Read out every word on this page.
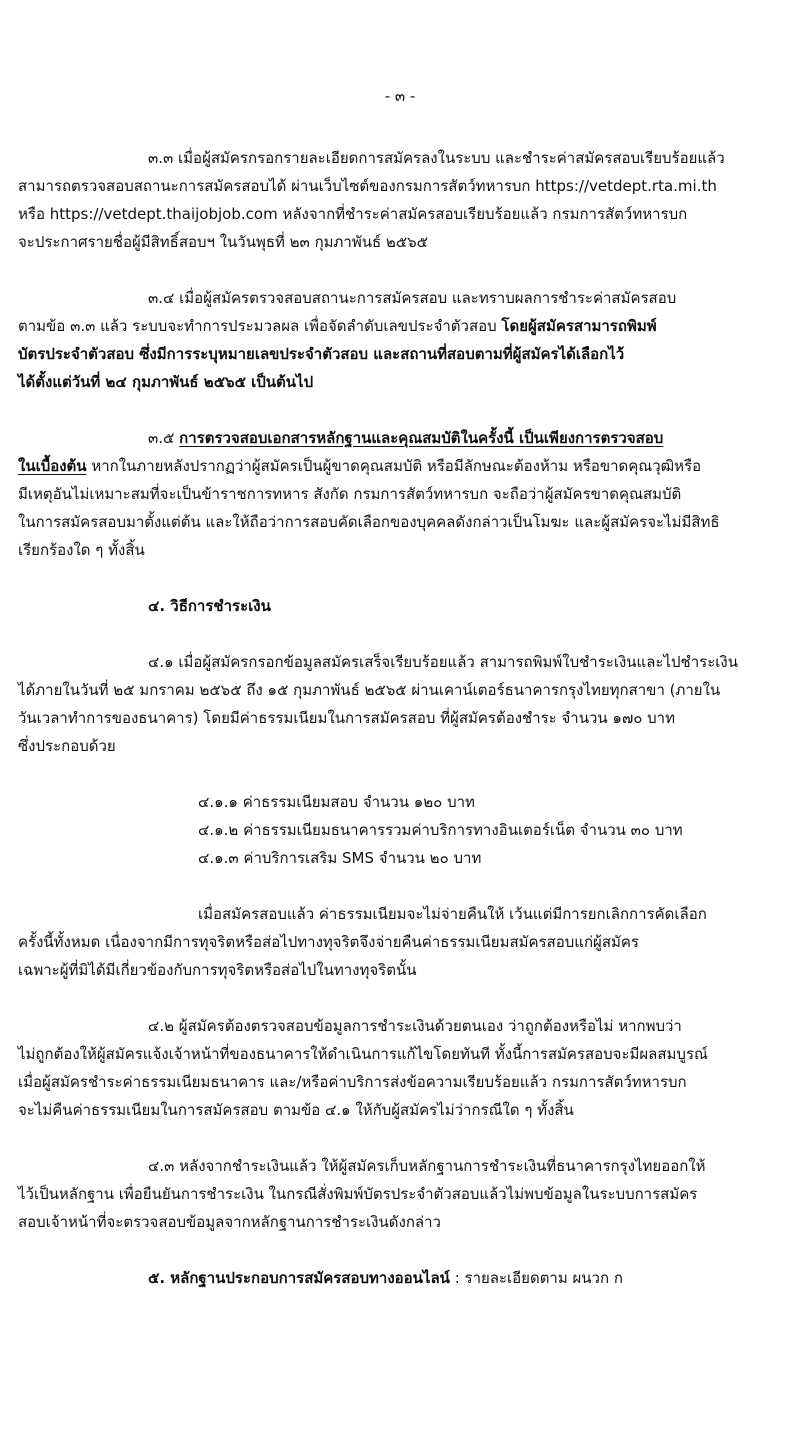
- ๓ -
๓.๓ เมื่อผู้สมัครกรอกรายละเอียดการสมัครลงในระบบ และชำระค่าสมัครสอบเรียบร้อยแล้ว
สามารถตรวจสอบสถานะการสมัครสอบได้ ผ่านเว็บไซต์ของกรมการสัตว์ทหารบก https://vetdept.rta.mi.th
หรือ https://vetdept.thaijobjob.com หลังจากที่ชำระค่าสมัครสอบเรียบร้อยแล้ว กรมการสัตว์ทหารบก
จะประกาศรายชื่อผู้มีสิทธิ์สอบฯ ในวันพุธที่ ๒๓ กุมภาพันธ์ ๒๕๖๕
๓.๔ เมื่อผู้สมัครตรวจสอบสถานะการสมัครสอบ และทราบผลการชำระค่าสมัครสอบ
ตามข้อ ๓.๓ แล้ว ระบบจะทำการประมวลผล เพื่อจัดลำดับเลขประจำตัวสอบ โดยผู้สมัครสามารถพิมพ์
บัตรประจำตัวสอบ ซึ่งมีการระบุหมายเลขประจำตัวสอบ และสถานที่สอบตามที่ผู้สมัครได้เลือกไว้
ได้ตั้งแต่วันที่ ๒๔ กุมภาพันธ์ ๒๕๖๕ เป็นต้นไป
๓.๕ การตรวจสอบเอกสารหลักฐานและคุณสมบัติในครั้งนี้ เป็นเพียงการตรวจสอบ
ในเบื้องต้น หากในภายหลังปรากฏว่าผู้สมัครเป็นผู้ขาดคุณสมบัติ หรือมีลักษณะต้องห้าม หรือขาดคุณวุฒิหรือ
มีเหตุอันไม่เหมาะสมที่จะเป็นข้าราชการทหาร สังกัด กรมการสัตว์ทหารบก จะถือว่าผู้สมัครขาดคุณสมบัติ
ในการสมัครสอบมาตั้งแต่ต้น และให้ถือว่าการสอบคัดเลือกของบุคคลดังกล่าวเป็นโมฆะ และผู้สมัครจะไม่มีสิทธิ
เรียกร้องใด ๆ ทั้งสิ้น
๔. วิธีการชำระเงิน
๔.๑ เมื่อผู้สมัครกรอกข้อมูลสมัครเสร็จเรียบร้อยแล้ว สามารถพิมพ์ใบชำระเงินและไปชำระเงิน
ได้ภายในวันที่ ๒๕ มกราคม ๒๕๖๕ ถึง ๑๕ กุมภาพันธ์ ๒๕๖๕ ผ่านเคาน์เตอร์ธนาคารกรุงไทยทุกสาขา (ภายใน
วันเวลาทำการของธนาคาร) โดยมีค่าธรรมเนียมในการสมัครสอบ ที่ผู้สมัครต้องชำระ จำนวน ๑๗๐ บาท
ซึ่งประกอบด้วย
๔.๑.๑ ค่าธรรมเนียมสอบ จำนวน ๑๒๐ บาท
๔.๑.๒ ค่าธรรมเนียมธนาคารรวมค่าบริการทางอินเตอร์เน็ต จำนวน ๓๐ บาท
๔.๑.๓ ค่าบริการเสริม SMS จำนวน ๒๐ บาท
เมื่อสมัครสอบแล้ว ค่าธรรมเนียมจะไม่จ่ายคืนให้ เว้นแต่มีการยกเลิกการคัดเลือก
ครั้งนี้ทั้งหมด เนื่องจากมีการทุจริตหรือส่อไปทางทุจริตจึงจ่ายคืนค่าธรรมเนียมสมัครสอบแก่ผู้สมัคร
เฉพาะผู้ที่มิได้มีเกี่ยวข้องกับการทุจริตหรือส่อไปในทางทุจริตนั้น
๔.๒ ผู้สมัครต้องตรวจสอบข้อมูลการชำระเงินด้วยตนเอง ว่าถูกต้องหรือไม่ หากพบว่า
ไม่ถูกต้องให้ผู้สมัครแจ้งเจ้าหน้าที่ของธนาคารให้ดำเนินการแก้ไขโดยทันที ทั้งนี้การสมัครสอบจะมีผลสมบูรณ์
เมื่อผู้สมัครชำระค่าธรรมเนียมธนาคาร และ/หรือค่าบริการส่งข้อความเรียบร้อยแล้ว กรมการสัตว์ทหารบก
จะไม่คืนค่าธรรมเนียมในการสมัครสอบ ตามข้อ ๔.๑ ให้กับผู้สมัครไม่ว่ากรณีใด ๆ ทั้งสิ้น
๔.๓ หลังจากชำระเงินแล้ว ให้ผู้สมัครเก็บหลักฐานการชำระเงินที่ธนาคารกรุงไทยออกให้
ไว้เป็นหลักฐาน เพื่อยืนยันการชำระเงิน ในกรณีสั่งพิมพ์บัตรประจำตัวสอบแล้วไม่พบข้อมูลในระบบการสมัคร
สอบเจ้าหน้าที่จะตรวจสอบข้อมูลจากหลักฐานการชำระเงินดังกล่าว
๕. หลักฐานประกอบการสมัครสอบทางออนไลน์ : รายละเอียดตาม ผนวก ก
